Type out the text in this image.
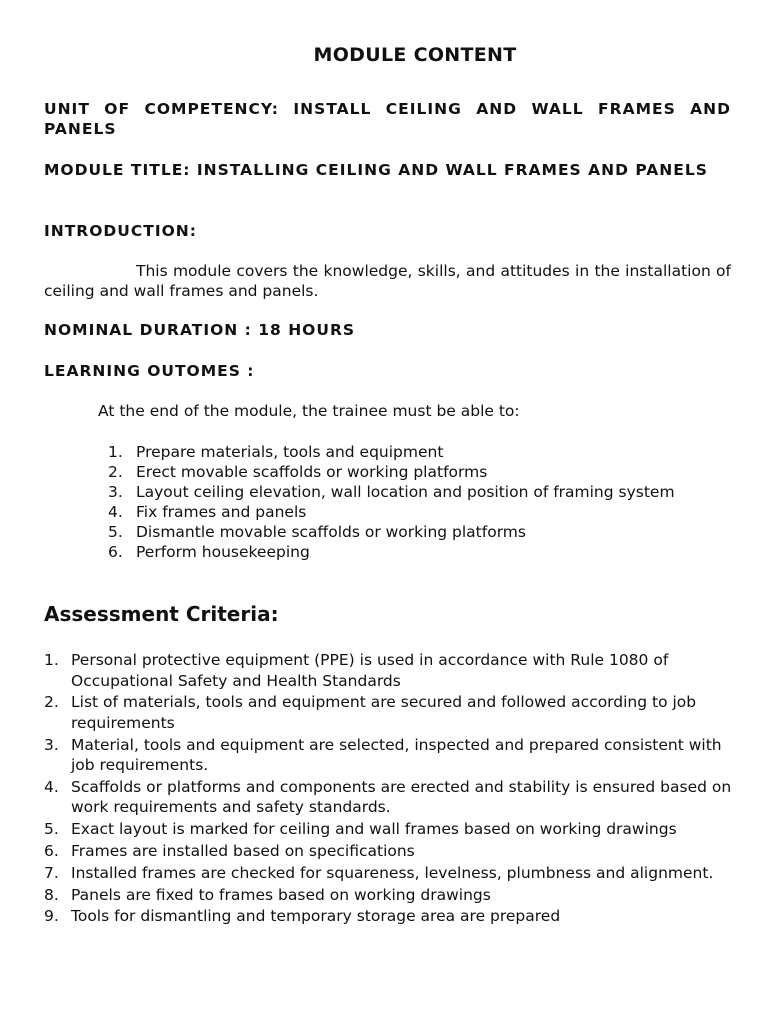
MODULE CONTENT

UNIT OF COMPETENCY: INSTALL CEILING AND WALL FRAMES AND PANELS

MODULE TITLE: INSTALLING CEILING AND WALL FRAMES AND PANELS

INTRODUCTION:

This module covers the knowledge, skills, and attitudes in the installation of ceiling and wall frames and panels.

NOMINAL DURATION : 18 HOURS

LEARNING OUTOMES :

At the end of the module, the trainee must be able to:

1. Prepare materials, tools and equipment
2. Erect movable scaffolds or working platforms
3. Layout ceiling elevation, wall location and position of framing system
4. Fix frames and panels
5. Dismantle movable scaffolds or working platforms
6. Perform housekeeping
Assessment Criteria:
1. Personal protective equipment (PPE) is used in accordance with Rule 1080 of Occupational Safety and Health Standards
2. List of materials, tools and equipment are secured and followed according to job requirements
3. Material, tools and equipment are selected, inspected and prepared consistent with job requirements.
4. Scaffolds or platforms and components are erected and stability is ensured based on work requirements and safety standards.
5. Exact layout is marked for ceiling and wall frames based on working drawings
6. Frames are installed based on specifications
7. Installed frames are checked for squareness, levelness, plumbness and alignment.
8. Panels are fixed to frames based on working drawings
9. Tools for dismantling and temporary storage area are prepared
